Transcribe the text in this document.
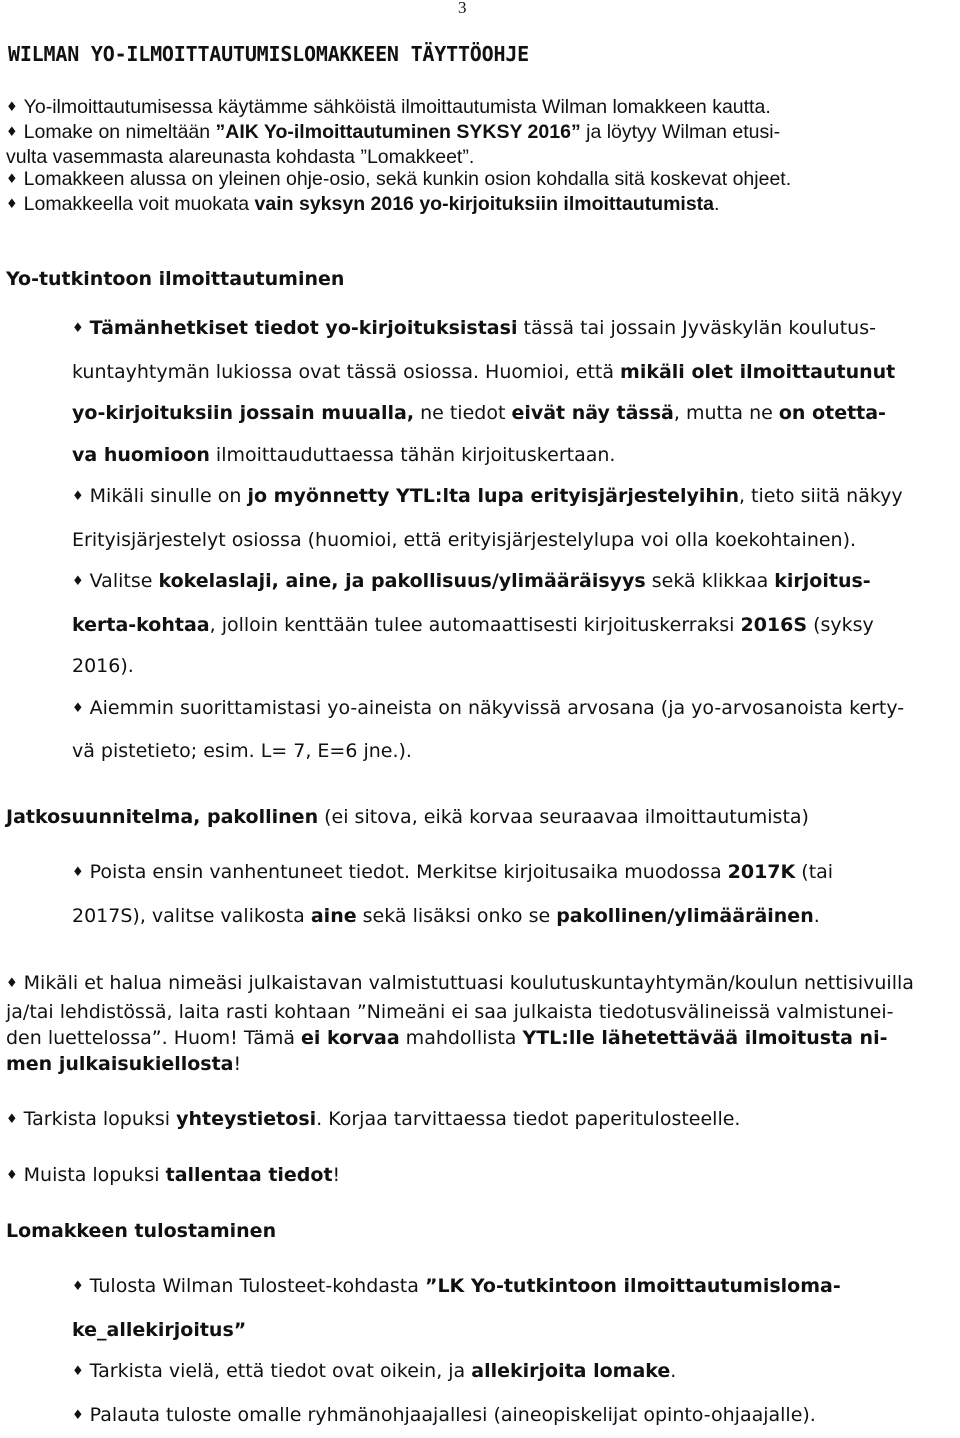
3
WILMAN YO-ILMOITTAUTUMISLOMAKKEEN TÄYTTÖOHJE

♦ Yo-ilmoittautumisessa käytämme sähköistä ilmoittautumista Wilman lomakkeen kautta.

♦ Lomake on nimeltään ”AIK Yo-ilmoittautuminen SYKSY 2016” ja löytyy Wilman etusi-
vulta vasemmasta alareunasta kohdasta ”Lomakkeet”.

♦ Lomakkeen alussa on yleinen ohje-osio, sekä kunkin osion kohdalla sitä koskevat ohjeet.

♦ Lomakkeella voit muokata vain syksyn 2016 yo-kirjoituksiin ilmoittautumista.

Yo-tutkintoon ilmoittautuminen

♦ Tämänhetkiset tiedot yo-kirjoituksistasi tässä tai jossain Jyväskylän koulutus-
kuntayhtymän lukiossa ovat tässä osiossa. Huomioi, että mikäli olet ilmoittautunut
yo-kirjoituksiin jossain muualla, ne tiedot eivät näy tässä, mutta ne on otetta-
va huomioon ilmoittauduttaessa tähän kirjoituskertaan.

♦ Mikäli sinulle on jo myönnetty YTL:lta lupa erityisjärjestelyihin, tieto siitä näkyy
Erityisjärjestelyt osiossa (huomioi, että erityisjärjestelylupa voi olla koekohtainen).

♦ Valitse kokelaslaji, aine, ja pakollisuus/ylimääräisyys sekä klikkaa kirjoitus-
kerta-kohtaa, jolloin kenttään tulee automaattisesti kirjoituskerraksi 2016S (syksy
2016).

♦ Aiemmin suorittamistasi yo-aineista on näkyvissä arvosana (ja yo-arvosanoista kerty-
vä pistetieto; esim. L= 7, E=6 jne.).

Jatkosuunnitelma, pakollinen (ei sitova, eikä korvaa seuraavaa ilmoittautumista)

♦ Poista ensin vanhentuneet tiedot. Merkitse kirjoitusaika muodossa 2017K (tai
2017S), valitse valikosta aine sekä lisäksi onko se pakollinen/ylimääräinen.

♦ Mikäli et halua nimeäsi julkaistavan valmistuttuasi koulutuskuntayhtymän/koulun nettisivuilla
ja/tai lehdistössä, laita rasti kohtaan ”Nimeäni ei saa julkaista tiedotusvälineissä valmistunei-
den luettelossa”. Huom! Tämä ei korvaa mahdollista YTL:lle lähetettävää ilmoitusta ni-
men julkaisukiellosta!

♦ Tarkista lopuksi yhteystietosi. Korjaa tarvittaessa tiedot paperitulosteelle.

♦ Muista lopuksi tallentaa tiedot!

Lomakkeen tulostaminen

♦ Tulosta Wilman Tulosteet-kohdasta ”LK Yo-tutkintoon ilmoittautumisloma-
ke_allekirjoitus”

♦ Tarkista vielä, että tiedot ovat oikein, ja allekirjoita lomake.

♦ Palauta tuloste omalle ryhmänohjaajallesi (aineopiskelijat opinto-ohjaajalle).
